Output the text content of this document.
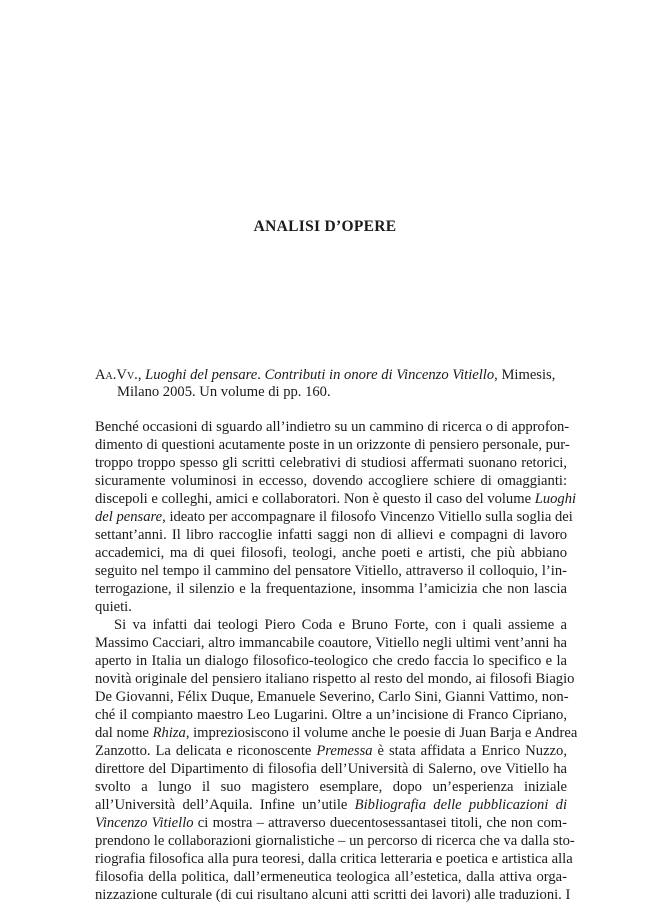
ANALISI D’OPERE
Aa.Vv., Luoghi del pensare. Contributi in onore di Vincenzo Vitiello, Mimesis,
Milano 2005. Un volume di pp. 160.
Benché occasioni di sguardo all’indietro su un cammino di ricerca o di approfon-
dimento di questioni acutamente poste in un orizzonte di pensiero personale, pur-
troppo troppo spesso gli scritti celebrativi di studiosi affermati suonano retorici,
sicuramente voluminosi in eccesso, dovendo accogliere schiere di omaggianti:
discepoli e colleghi, amici e collaboratori. Non è questo il caso del volume Luoghi
del pensare, ideato per accompagnare il filosofo Vincenzo Vitiello sulla soglia dei
settant’anni. Il libro raccoglie infatti saggi non di allievi e compagni di lavoro
accademici, ma di quei filosofi, teologi, anche poeti e artisti, che più abbiano
seguito nel tempo il cammino del pensatore Vitiello, attraverso il colloquio, l’in-
terrogazione, il silenzio e la frequentazione, insomma l’amicizia che non lascia
quieti.
Si va infatti dai teologi Piero Coda e Bruno Forte, con i quali assieme a
Massimo Cacciari, altro immancabile coautore, Vitiello negli ultimi vent’anni ha
aperto in Italia un dialogo filosofico-teologico che credo faccia lo specifico e la
novità originale del pensiero italiano rispetto al resto del mondo, ai filosofi Biagio
De Giovanni, Félix Duque, Emanuele Severino, Carlo Sini, Gianni Vattimo, non-
ché il compianto maestro Leo Lugarini. Oltre a un’incisione di Franco Cipriano,
dal nome Rhiza, impreziosiscono il volume anche le poesie di Juan Barja e Andrea
Zanzotto. La delicata e riconoscente Premessa è stata affidata a Enrico Nuzzo,
direttore del Dipartimento di filosofia dell’Università di Salerno, ove Vitiello ha
svolto a lungo il suo magistero esemplare, dopo un’esperienza iniziale
all’Università dell’Aquila. Infine un’utile Bibliografia delle pubblicazioni di
Vincenzo Vitiello ci mostra – attraverso duecentosessantasei titoli, che non com-
prendono le collaborazioni giornalistiche – un percorso di ricerca che va dalla sto-
riografia filosofica alla pura teoresi, dalla critica letteraria e poetica e artistica alla
filosofia della politica, dall’ermeneutica teologica all’estetica, dalla attiva orga-
nizzazione culturale (di cui risultano alcuni atti scritti dei lavori) alle traduzioni. I
